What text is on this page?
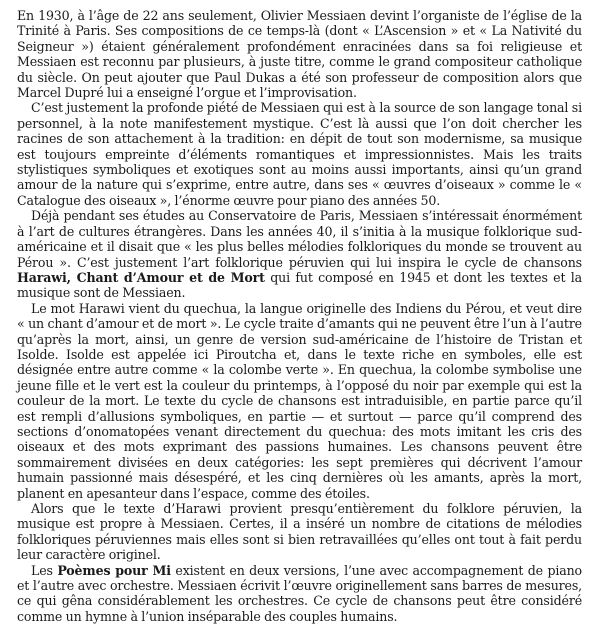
En 1930, à l’âge de 22 ans seulement, Olivier Messiaen devint l’organiste de l’église de la Trinité à Paris. Ses compositions de ce temps-là (dont « L’Ascension » et « La Nativité du Seigneur ») étaient généralement profondément enracinées dans sa foi religieuse et Messiaen est reconnu par plusieurs, à juste titre, comme le grand compositeur catholique du siècle. On peut ajouter que Paul Dukas a été son professeur de composition alors que Marcel Dupré lui a enseigné l’orgue et l’improvisation.

C’est justement la profonde piété de Messiaen qui est à la source de son langage tonal si personnel, à la note manifestement mystique. C’est là aussi que l’on doit chercher les racines de son attachement à la tradition: en dépit de tout son modernisme, sa musique est toujours empreinte d’éléments romantiques et impressionnistes. Mais les traits stylistiques symboliques et exotiques sont au moins aussi importants, ainsi qu’un grand amour de la nature qui s’exprime, entre autre, dans ses « œuvres d’oiseaux » comme le « Catalogue des oiseaux », l’énorme œuvre pour piano des années 50.

Déjà pendant ses études au Conservatoire de Paris, Messiaen s’intéressait énormément à l’art de cultures étrangères. Dans les années 40, il s’initia à la musique folklorique sud-américaine et il disait que « les plus belles mélodies folkloriques du monde se trouvent au Pérou ». C’est justement l’art folklorique péruvien qui lui inspira le cycle de chansons Harawi, Chant d’Amour et de Mort qui fut composé en 1945 et dont les textes et la musique sont de Messiaen.

Le mot Harawi vient du quechua, la langue originelle des Indiens du Pérou, et veut dire « un chant d’amour et de mort ». Le cycle traite d’amants qui ne peuvent être l’un à l’autre qu’après la mort, ainsi, un genre de version sud-américaine de l’histoire de Tristan et Isolde. Isolde est appelée ici Piroutcha et, dans le texte riche en symboles, elle est désignée entre autre comme « la colombe verte ». En quechua, la colombe symbolise une jeune fille et le vert est la couleur du printemps, à l’opposé du noir par exemple qui est la couleur de la mort. Le texte du cycle de chansons est intraduisible, en partie parce qu’il est rempli d’allusions symboliques, en partie — et surtout — parce qu’il comprend des sections d’onomatopées venant directement du quechua: des mots imitant les cris des oiseaux et des mots exprimant des passions humaines. Les chansons peuvent être sommairement divisées en deux catégories: les sept premières qui décrivent l’amour humain passionné mais désespéré, et les cinq dernières où les amants, après la mort, planent en apesanteur dans l’espace, comme des étoiles.

Alors que le texte d’Harawi provient presqu’entièrement du folklore péruvien, la musique est propre à Messiaen. Certes, il a inséré un nombre de citations de mélodies folkloriques péruviennes mais elles sont si bien retravaillées qu’elles ont tout à fait perdu leur caractère originel.

Les Poèmes pour Mi existent en deux versions, l’une avec accompagnement de piano et l’autre avec orchestre. Messiaen écrivit l’œuvre originellement sans barres de mesures, ce qui gêna considérablement les orchestres. Ce cycle de chansons peut être considéré comme un hymne à l’union inséparable des couples humains.
